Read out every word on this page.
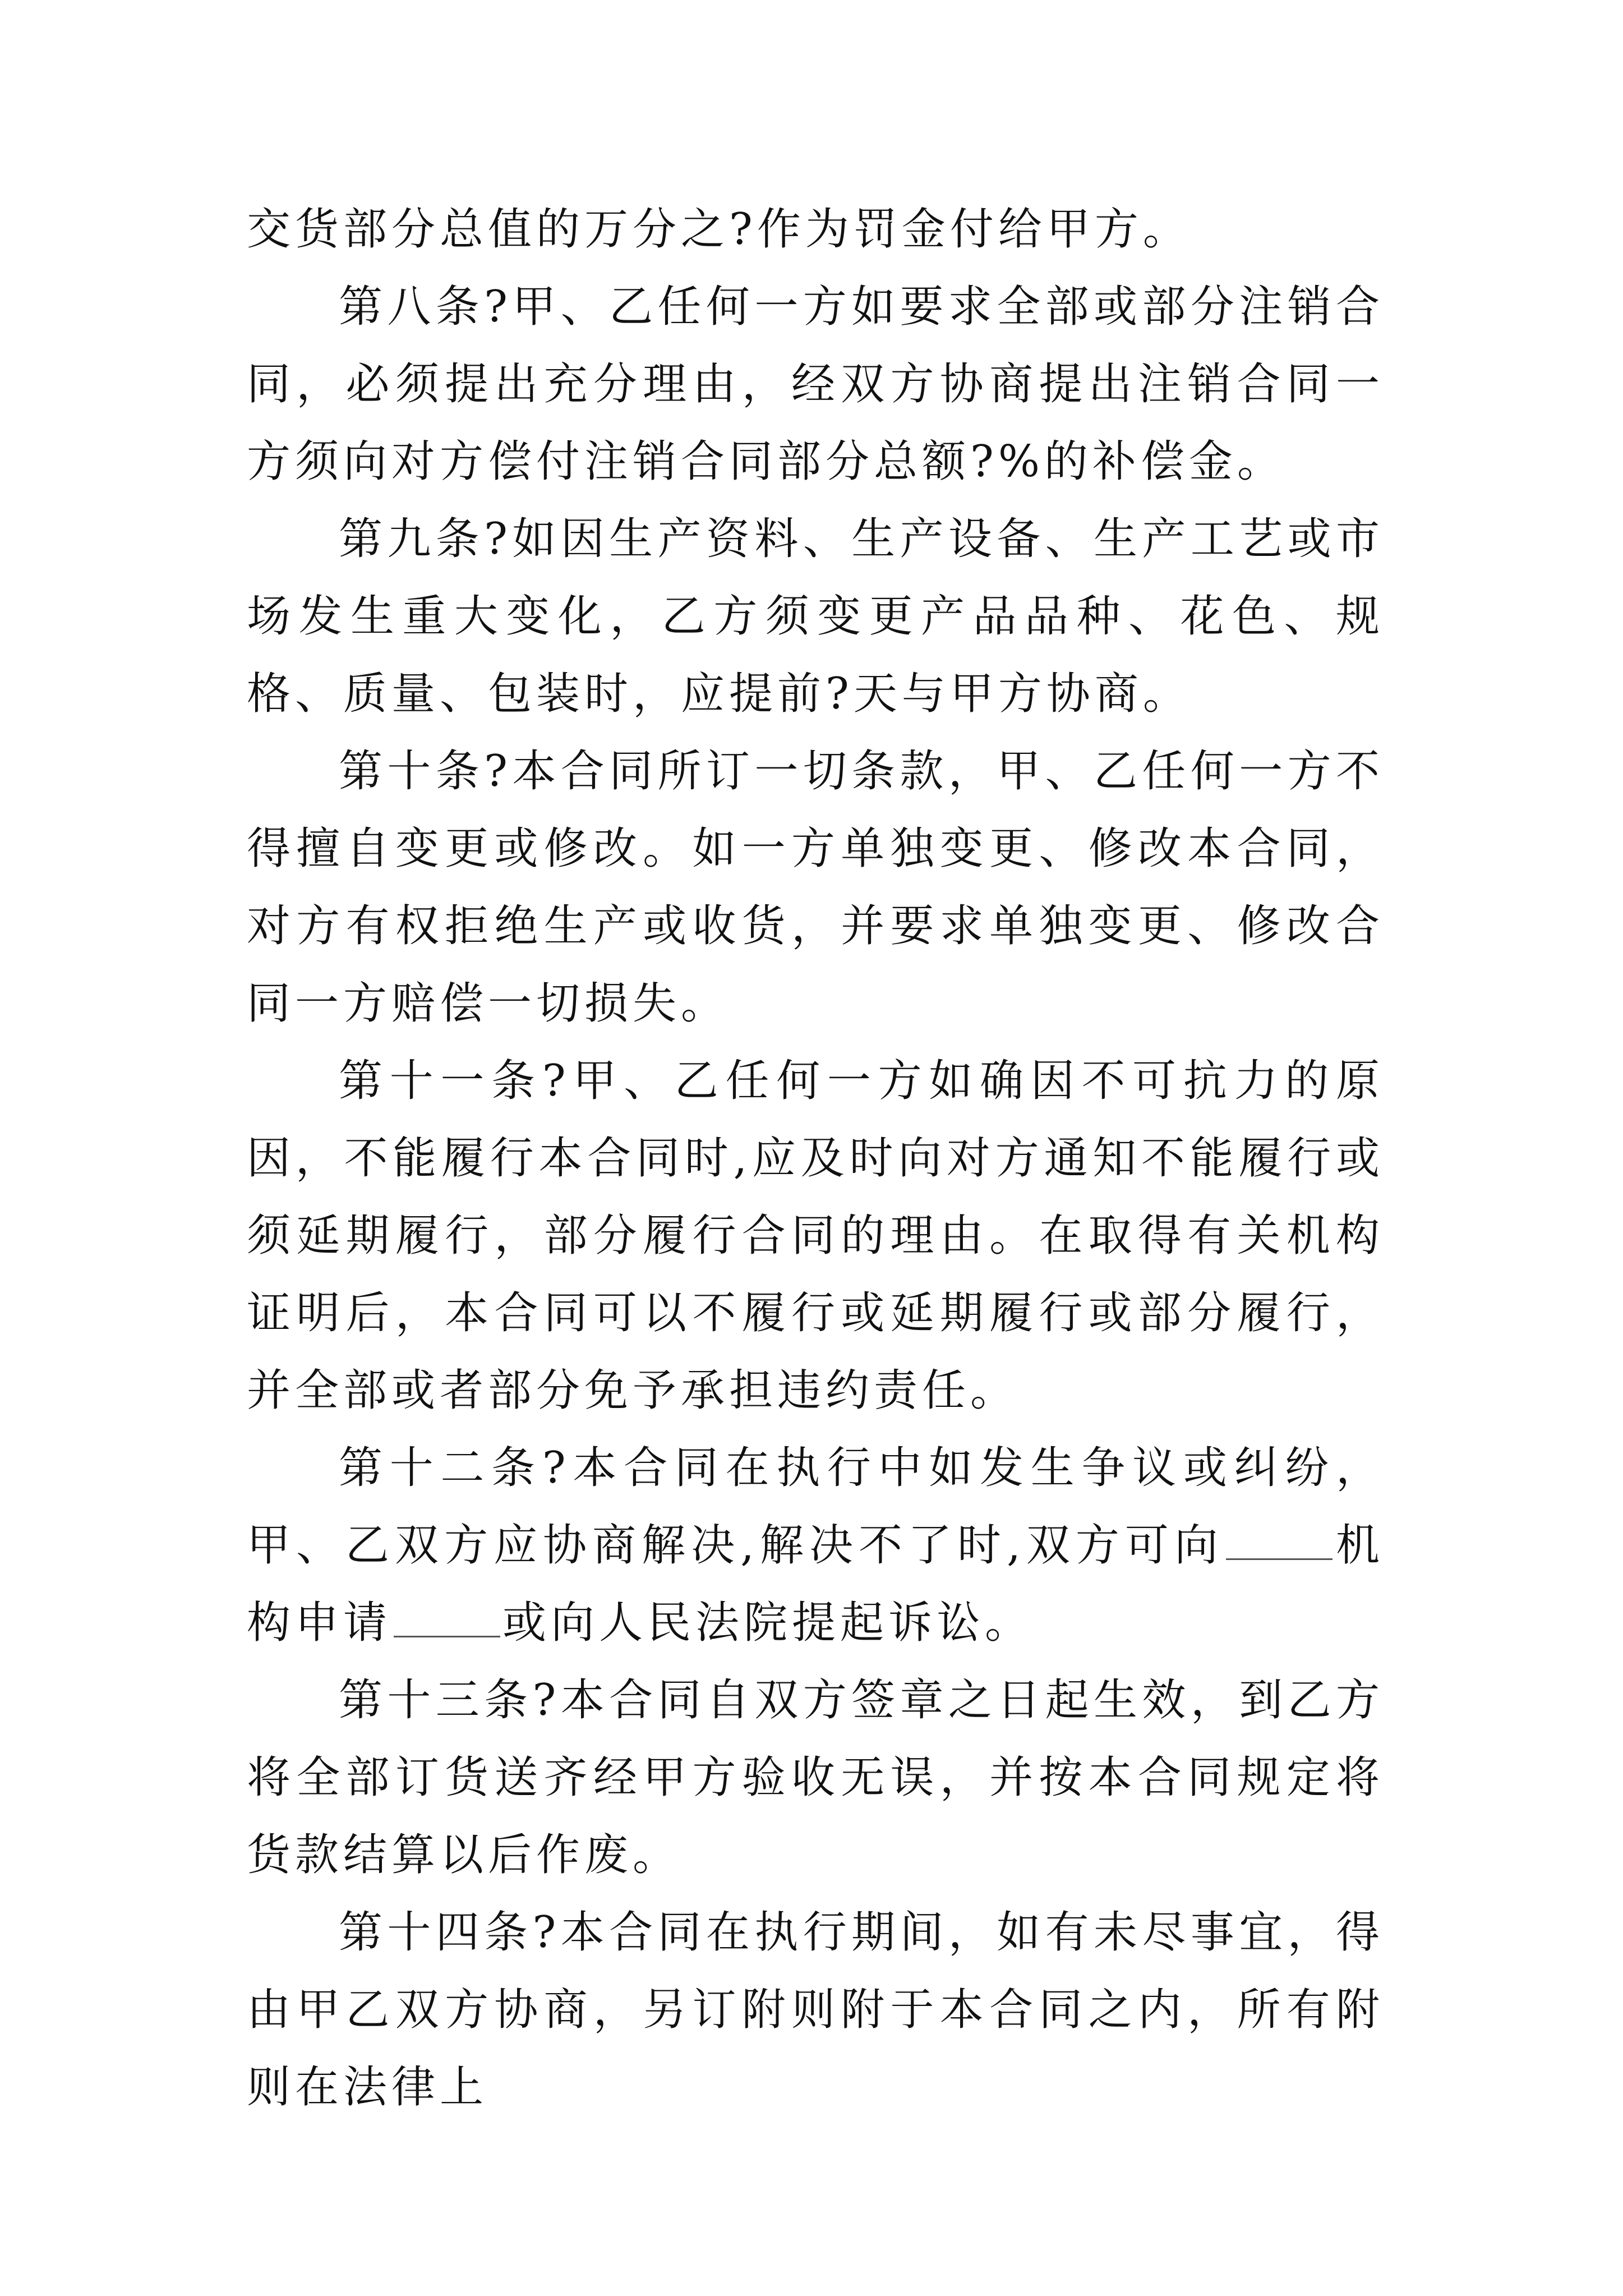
交货部分总值的万分之?作为罚金付给甲方。

第八条?甲、乙任何一方如要求全部或部分注销合同，必须提出充分理由，经双方协商提出注销合同一方须向对方偿付注销合同部分总额?%的补偿金。

第九条?如因生产资料、生产设备、生产工艺或市场发生重大变化，乙方须变更产品品种、花色、规格、质量、包装时，应提前?天与甲方协商。

第十条?本合同所订一切条款，甲、乙任何一方不得擅自变更或修改。如一方单独变更、修改本合同，对方有权拒绝生产或收货，并要求单独变更、修改合同一方赔偿一切损失。

第十一条?甲、乙任何一方如确因不可抗力的原因，不能履行本合同时,应及时向对方通知不能履行或须延期履行，部分履行合同的理由。在取得有关机构证明后，本合同可以不履行或延期履行或部分履行，并全部或者部分免予承担违约责任。

第十二条?本合同在执行中如发生争议或纠纷，甲、乙双方应协商解决,解决不了时,双方可向	机构申请	或向人民法院提起诉讼。

第十三条?本合同自双方签章之日起生效，到乙方将全部订货送齐经甲方验收无误，并按本合同规定将货款结算以后作废。

第十四条?本合同在执行期间，如有未尽事宜，得由甲乙双方协商，另订附则附于本合同之内，所有附则在法律上
